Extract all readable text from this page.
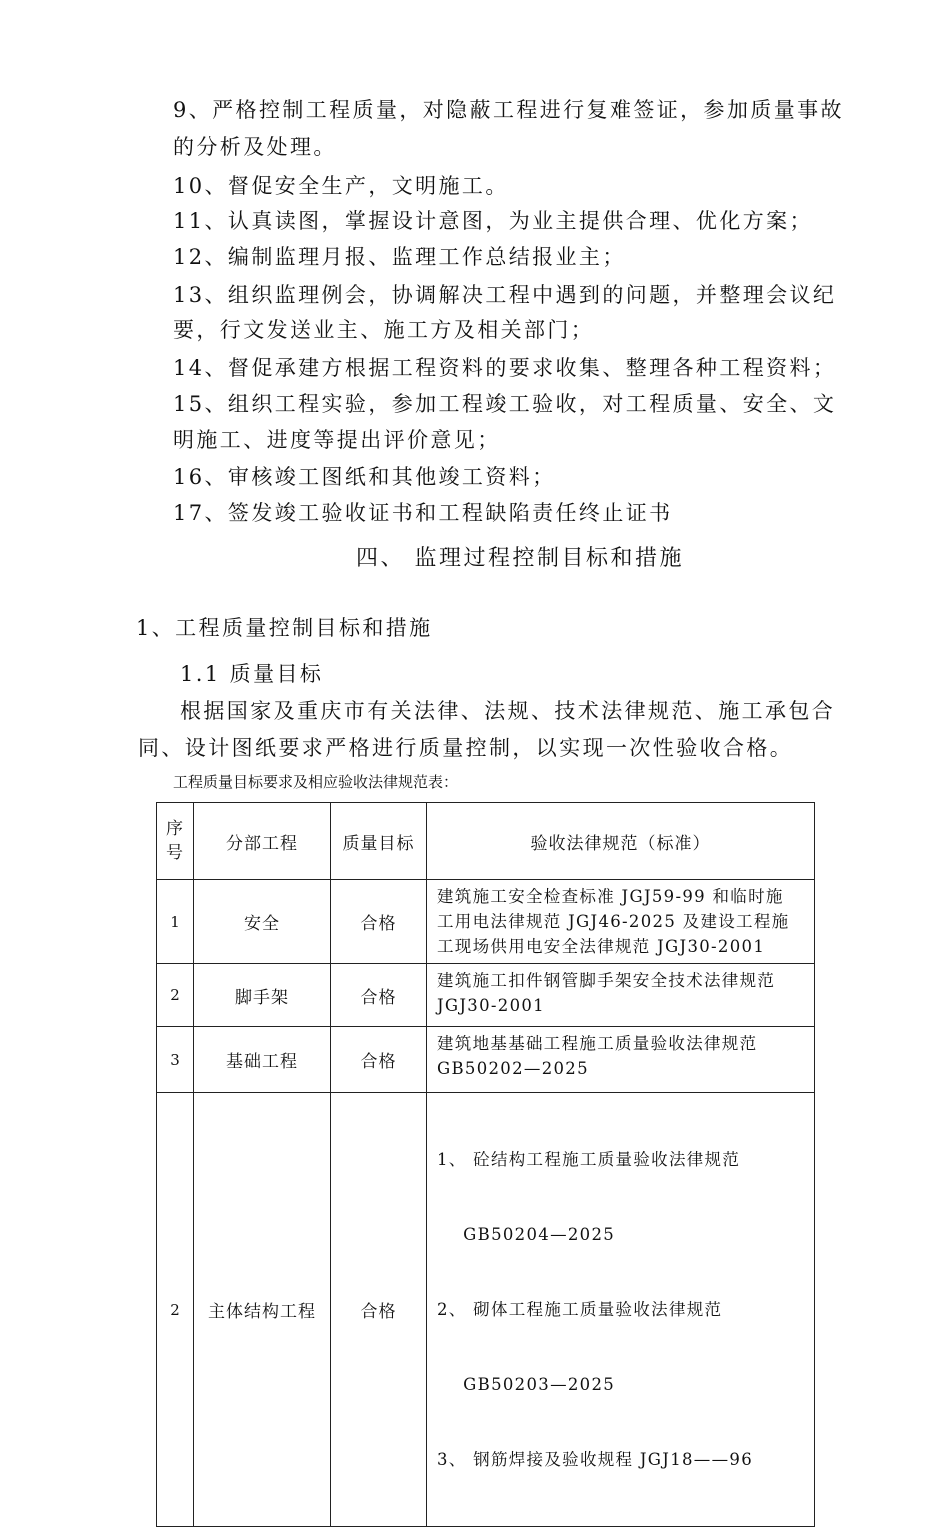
9、严格控制工程质量，对隐蔽工程进行复难签证，参加质量事故
的分析及处理。
10、督促安全生产，文明施工。
11、认真读图，掌握设计意图，为业主提供合理、优化方案；
12、编制监理月报、监理工作总结报业主；
13、组织监理例会，协调解决工程中遇到的问题，并整理会议纪
要，行文发送业主、施工方及相关部门；
14、督促承建方根据工程资料的要求收集、整理各种工程资料；
15、组织工程实验，参加工程竣工验收，对工程质量、安全、文
明施工、进度等提出评价意见；
16、审核竣工图纸和其他竣工资料；
17、签发竣工验收证书和工程缺陷责任终止证书
四、 监理过程控制目标和措施
1、工程质量控制目标和措施
1.1 质量目标
根据国家及重庆市有关法律、法规、技术法律规范、施工承包合
同、设计图纸要求严格进行质量控制，以实现一次性验收合格。
工程质量目标要求及相应验收法律规范表：
序
号	分部工程	质量目标	验收法律规范（标准）
1	安全	合格	建筑施工安全检查标准 JGJ59-99 和临时施
工用电法律规范 JGJ46-2025 及建设工程施
工现场供用电安全法律规范 JGJ30-2001

2	脚手架	合格	建筑施工扣件钢管脚手架安全技术法律规范
JGJ30-2001

3	基础工程	合格	建筑地基基础工程施工质量验收法律规范
GB50202—2025

2	主体结构工程	合格	1、 砼结构工程施工质量验收法律规范

GB50204—2025

2、 砌体工程施工质量验收法律规范

GB50203—2025

3、 钢筋焊接及验收规程 JGJ18——96
